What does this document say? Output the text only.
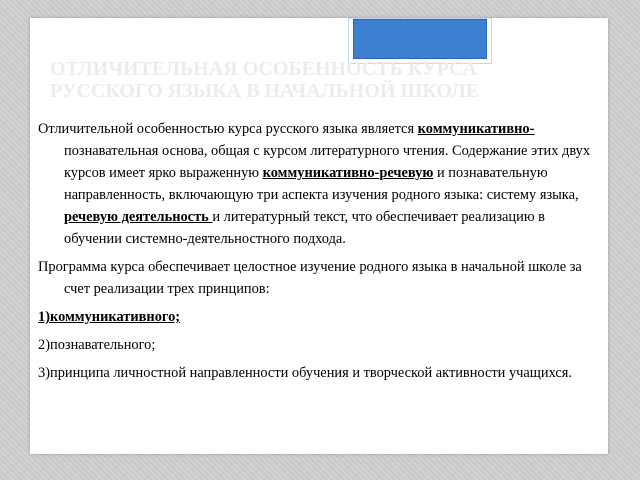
ОТЛИЧИТЕЛЬНАЯ ОСОБЕННОСТЬ КУРСА РУССКОГО ЯЗЫКА В НАЧАЛЬНОЙ ШКОЛЕ

Отличительной особенностью курса русского языка является коммуникативно-познавательная основа, общая с курсом литературного чтения. Содержание этих двух курсов имеет ярко выраженную коммуникативно-речевую и познавательную направленность, включающую три аспекта изучения родного языка: систему языка, речевую деятельность и литературный текст, что обеспечивает реализацию в обучении системно-деятельностного подхода.

Программа курса обеспечивает целостное изучение родного языка в начальной школе за счет реализации трех принципов:

1)коммуникативного;

2)познавательного;

3)принципа личностной направленности обучения и творческой активности учащихся.
